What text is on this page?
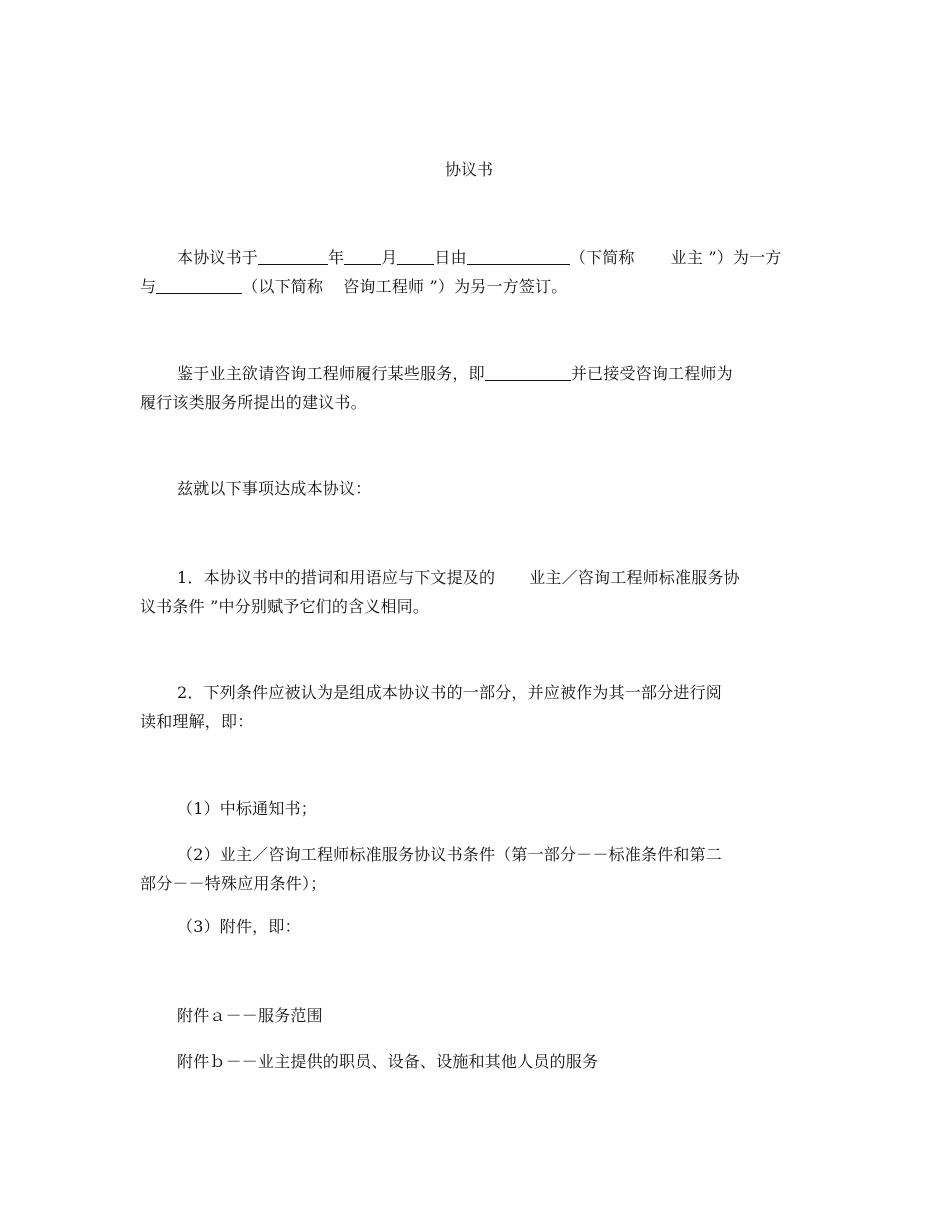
协议书
本协议书于	年 月 日由	（下简称 业主 ”）为一方
与	（以下简称 咨询工程师 ”）为另一方签订。
鉴于业主欲请咨询工程师履行某些服务，即	并已接受咨询工程师为
履行该类服务所提出的建议书。
兹就以下事项达成本协议：
1．本协议书中的措词和用语应与下文提及的 业主／咨询工程师标准服务协
议书条件 ”中分别赋予它们的含义相同。
2．下列条件应被认为是组成本协议书的一部分，并应被作为其一部分进行阅
读和理解，即：
（1）中标通知书；
（2）业主／咨询工程师标准服务协议书条件（第一部分－－标准条件和第二
部分－－特殊应用条件）；
（3）附件，即：
附件ａ－－服务范围
附件ｂ－－业主提供的职员、设备、设施和其他人员的服务
